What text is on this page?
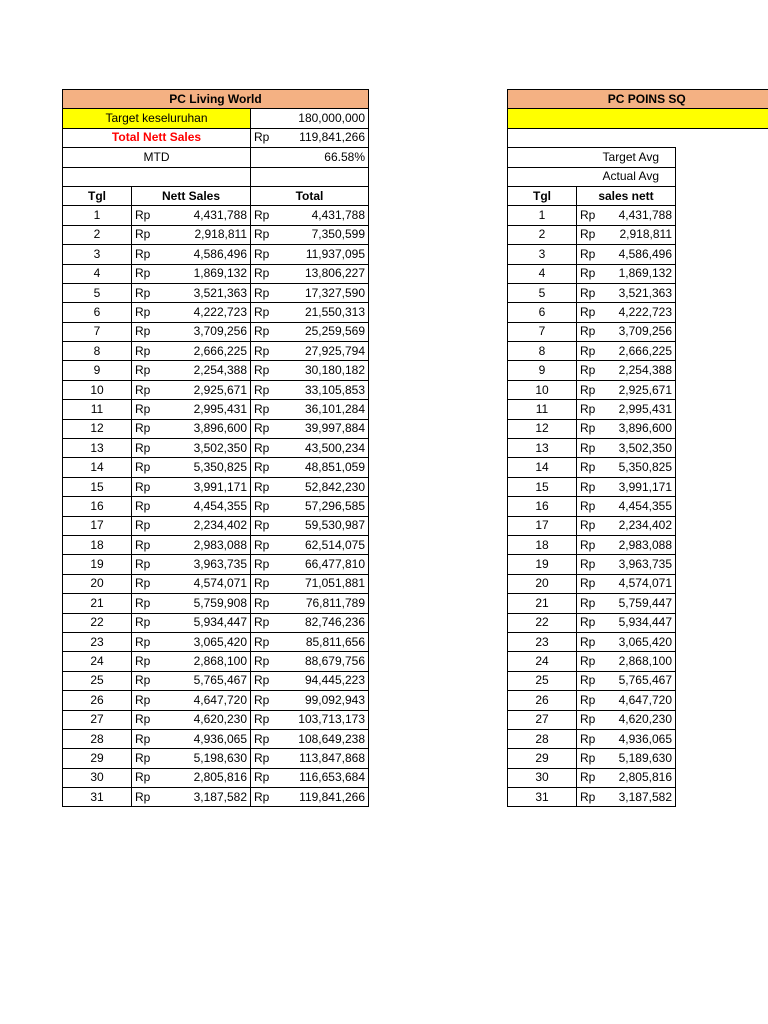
PC Living World				
Target keseluruhan			180,000,000	
Total Nett Sales			Rp	119,841,266
MTD			66.58%	

Tgl	Nett Sales		Total	
1	Rp	4,431,788	Rp	4,431,788
2	Rp	2,918,811	Rp	7,350,599
3	Rp	4,586,496	Rp	11,937,095
4	Rp	1,869,132	Rp	13,806,227
5	Rp	3,521,363	Rp	17,327,590
6	Rp	4,222,723	Rp	21,550,313
7	Rp	3,709,256	Rp	25,259,569
8	Rp	2,666,225	Rp	27,925,794
9	Rp	2,254,388	Rp	30,180,182
10	Rp	2,925,671	Rp	33,105,853
11	Rp	2,995,431	Rp	36,101,284
12	Rp	3,896,600	Rp	39,997,884
13	Rp	3,502,350	Rp	43,500,234
14	Rp	5,350,825	Rp	48,851,059
15	Rp	3,991,171	Rp	52,842,230
16	Rp	4,454,355	Rp	57,296,585
17	Rp	2,234,402	Rp	59,530,987
18	Rp	2,983,088	Rp	62,514,075
19	Rp	3,963,735	Rp	66,477,810
20	Rp	4,574,071	Rp	71,051,881
21	Rp	5,759,908	Rp	76,811,789
22	Rp	5,934,447	Rp	82,746,236
23	Rp	3,065,420	Rp	85,811,656
24	Rp	2,868,100	Rp	88,679,756
25	Rp	5,765,467	Rp	94,445,223
26	Rp	4,647,720	Rp	99,092,943
27	Rp	4,620,230	Rp	103,713,173
28	Rp	4,936,065	Rp	108,649,238
29	Rp	5,198,630	Rp	113,847,868
30	Rp	2,805,816	Rp	116,653,684
31	Rp	3,187,582	Rp	119,841,266
PC POINS SQ			

Target Avg			
Actual Avg			
Tgl	sales nett		
1	Rp	4,431,788	
2	Rp	2,918,811	
3	Rp	4,586,496	
4	Rp	1,869,132	
5	Rp	3,521,363	
6	Rp	4,222,723	
7	Rp	3,709,256	
8	Rp	2,666,225	
9	Rp	2,254,388	
10	Rp	2,925,671	
11	Rp	2,995,431	
12	Rp	3,896,600	
13	Rp	3,502,350	
14	Rp	5,350,825	
15	Rp	3,991,171	
16	Rp	4,454,355	
17	Rp	2,234,402	
18	Rp	2,983,088	
19	Rp	3,963,735	
20	Rp	4,574,071	
21	Rp	5,759,447	
22	Rp	5,934,447	
23	Rp	3,065,420	
24	Rp	2,868,100	
25	Rp	5,765,467	
26	Rp	4,647,720	
27	Rp	4,620,230	
28	Rp	4,936,065	
29	Rp	5,189,630	
30	Rp	2,805,816	
31	Rp	3,187,582	
